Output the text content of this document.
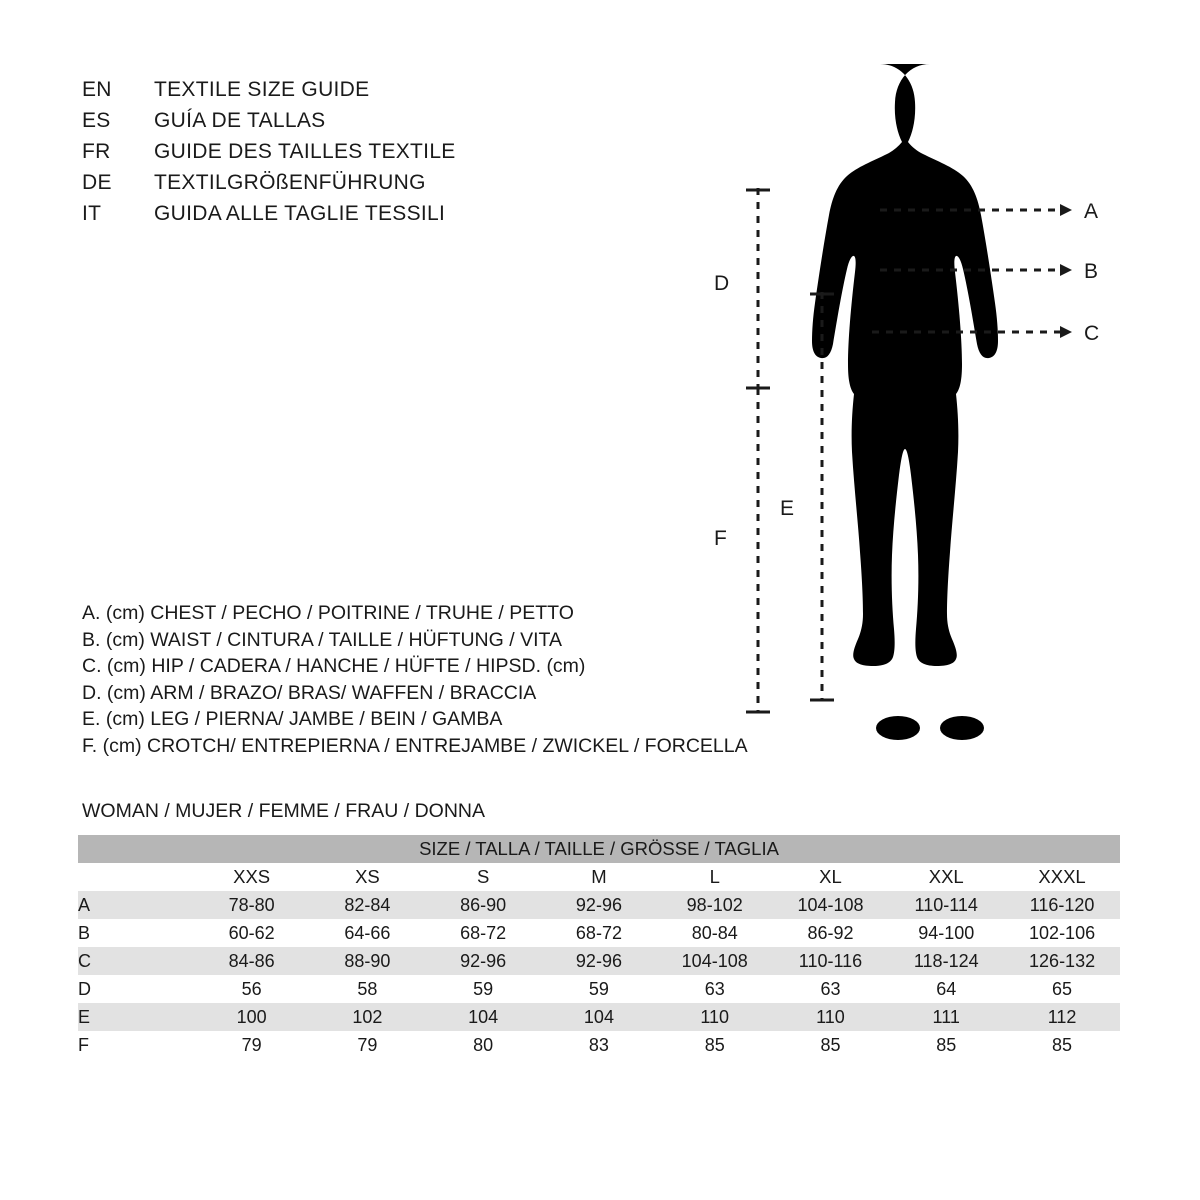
EN	TEXTILE SIZE GUIDE
ES	GUÍA DE TALLAS
FR	GUIDE DES TAILLES TEXTILE
DE	TEXTILGRÖßENFÜHRUNG
IT	GUIDA ALLE TAGLIE TESSILI
A. (cm) CHEST / PECHO / POITRINE / TRUHE / PETTO
B. (cm) WAIST / CINTURA / TAILLE / HÜFTUNG / VITA
C. (cm) HIP / CADERA / HANCHE / HÜFTE / HIPSD. (cm)
D. (cm) ARM / BRAZO/ BRAS/ WAFFEN / BRACCIA
E. (cm) LEG / PIERNA/ JAMBE / BEIN / GAMBA
F. (cm) CROTCH/ ENTREPIERNA / ENTREJAMBE / ZWICKEL / FORCELLA
A
B
C
D
E
F
WOMAN / MUJER / FEMME / FRAU / DONNA
SIZE / TALLA / TAILLE / GRÖSSE / TAGLIA								
	XXS	XS	S	M	L	XL	XXL	XXXL
A	78-80	82-84	86-90	92-96	98-102	104-108	110-114	116-120
B	60-62	64-66	68-72	68-72	80-84	86-92	94-100	102-106
C	84-86	88-90	92-96	92-96	104-108	110-116	118-124	126-132
D	56	58	59	59	63	63	64	65
E	100	102	104	104	110	110	111	112
F	79	79	80	83	85	85	85	85
